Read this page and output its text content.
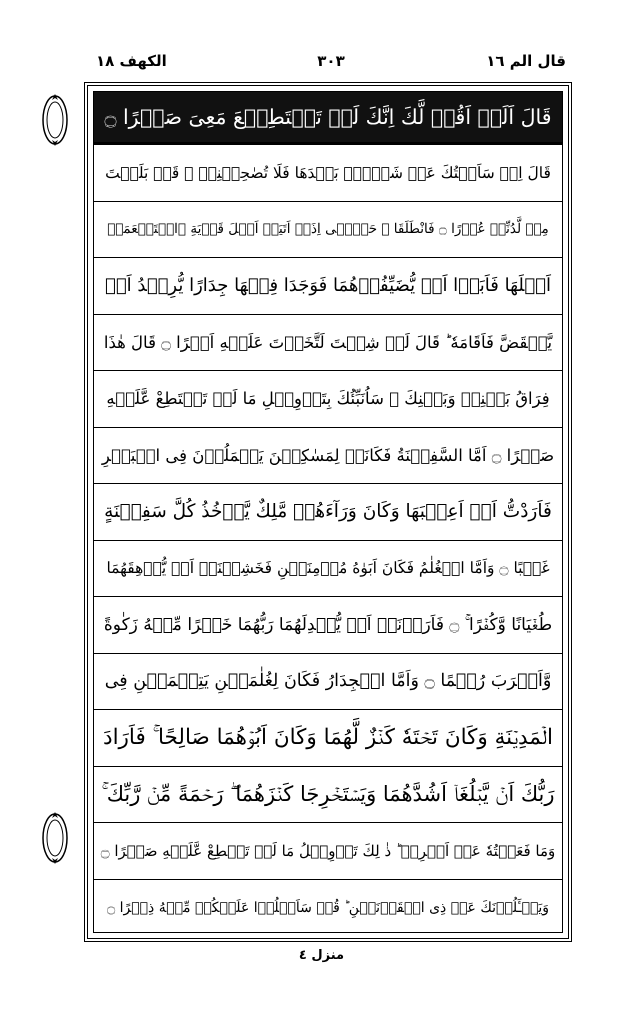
قال الم ١٦
٣٠٣
الكهف ١٨
قَالَ اَلَمۡ اَقُلۡ لَّكَ اِنَّكَ لَنۡ تَسۡتَطِيۡعَ مَعِىَ صَبۡرًا ۝
قَالَ اِنۡ سَاَلۡتُكَ عَنۡ شَىۡءٍۢ بَعۡدَهَا فَلَا تُصٰحِبۡنِىۡ ۚ قَدۡ بَلَغۡتَ
مِنۡ لَّدُنِّىۡ عُذۡرًا ۝ فَانْطَلَقَا ۗ حَتّٰۤى اِذَاۤ اَتَيَاۤ اَهۡلَ قَرۡيَةِ ۨاسۡتَطۡعَمَاۤ
اَهۡلَهَا فَاَبَوۡا اَنۡ يُّضَيِّفُوۡهُمَا فَوَجَدَا فِيۡهَا جِدَارًا يُّرِيۡدُ اَنۡ
يَّنۡقَضَّ فَاَقَامَهٗ ؕ قَالَ لَوۡ شِئۡتَ لَتَّخَذۡتَ عَلَيۡهِ اَجۡرًا ۝ قَالَ هٰذَا
فِرَاقُ بَيۡنِىۡ وَبَيۡنِكَ ۚ سَاُنَبِّئُكَ بِتَاۡوِيۡلِ مَا لَمۡ تَسۡتَطِعْ عَّلَيۡهِ
صَبۡرًا ۝ اَمَّا السَّفِيۡنَةُ فَكَانَتۡ لِمَسٰكِيۡنَ يَعۡمَلُوۡنَ فِى الۡبَحۡرِ
فَاَرَدْتُّ اَنۡ اَعِيۡبَهَا وَكَانَ وَرَآءَهُمۡ مَّلِكٌ يَّاۡخُذُ كُلَّ سَفِيۡنَةٍ
غَصۡبًا ۝ وَاَمَّا الۡغُلٰمُ فَكَانَ اَبَوٰهُ مُؤۡمِنَيۡنِ فَخَشِيۡنَاۤ اَنۡ يُّرۡهِقَهُمَا
طُغۡيَانًا وَّكُفۡرًا ۚ ۝ فَاَرَدۡنَاۤ اَنۡ يُّبۡدِلَهُمَا رَبُّهُمَا خَيۡرًا مِّنۡهُ زَكٰوةً
وَّاَقۡرَبَ رُحۡمًا ۝ وَاَمَّا الۡجِدَارُ فَكَانَ لِغُلٰمَيۡنِ يَتِيۡمَيۡنِ فِى
الۡمَدِيۡنَةِ وَكَانَ تَحۡتَهٗ كَنۡزٌ لَّهُمَا وَكَانَ اَبُوۡهُمَا صَالِحًا ۚ فَاَرَادَ
رَبُّكَ اَنۡ يَّبۡلُغَاۤ اَشُدَّهُمَا وَيَسۡتَخۡرِجَا كَنۡزَهُمَا ۖ رَحۡمَةً مِّنۡ رَّبِّكَ ۚ
وَمَا فَعَلۡتُهٗ عَنۡ اَمۡرِىۡ ؕ ذٰ لِكَ تَاۡوِيۡلُ مَا لَمۡ تَسۡطِعْ عَّلَيۡهِ صَبۡرًا ۝
وَيَسۡـَٔلُوۡنَكَ عَنۡ ذِى الۡقَرۡنَيۡنِ ؕ قُلۡ سَاَتۡلُوۡا عَلَيۡكُمۡ مِّنۡهُ ذِكۡرًا ۝
منزل ٤
